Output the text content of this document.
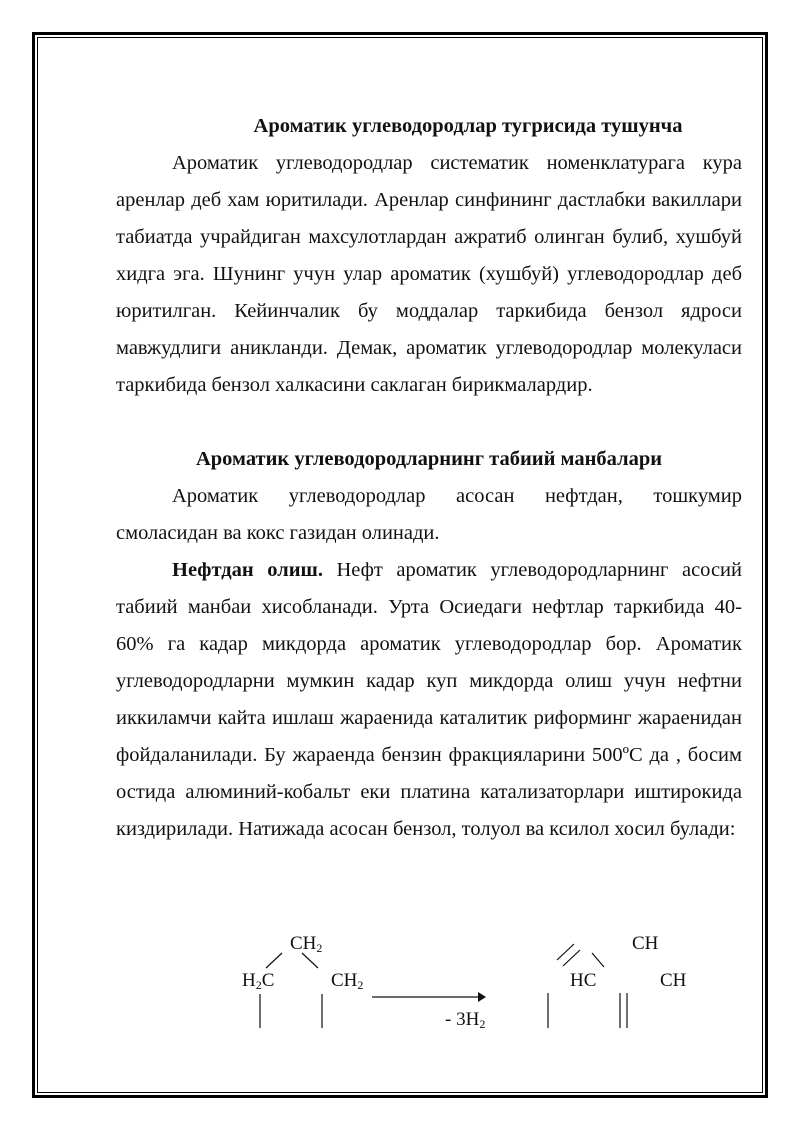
Ароматик углеводородлар тугрисида тушунча

Ароматик углеводородлар систематик номенклатурага кура аренлар деб хам юритилади. Аренлар синфининг дастлабки вакиллари табиатда учрайдиган махсулотлардан ажратиб олинган булиб, хушбуй хидга эга. Шунинг учун улар ароматик (хушбуй) углеводородлар деб юритилган. Кейинчалик бу моддалар таркибида бензол ядроси мавжудлиги аникланди. Демак, ароматик углеводородлар молекуласи таркибида бензол халкасини саклаган бирикмалардир.

Ароматик углеводородларнинг табиий манбалари

Ароматик углеводородлар асосан нефтдан, тошкумир смоласидан ва кокс газидан олинади.

Нефтдан олиш. Нефт ароматик углеводородларнинг асосий табиий манбаи хисобланади. Урта Осиедаги нефтлар таркибида 40-60% га кадар микдорда ароматик углеводородлар бор. Ароматик углеводородларни мумкин кадар куп микдорда олиш учун нефтни иккиламчи кайта ишлаш жараенида каталитик риформинг жараенидан фойдаланилади. Бу жараенда бензин фракцияларини 500ºС да , босим остида алюминий-кобальт еки платина катализаторлари иштирокида киздирилади. Натижада асосан бензол, толуол ва ксилол хосил булади:

$CH_2$
$H_2C$	$CH_2$
- $3H_2$
CH
HC	CH
